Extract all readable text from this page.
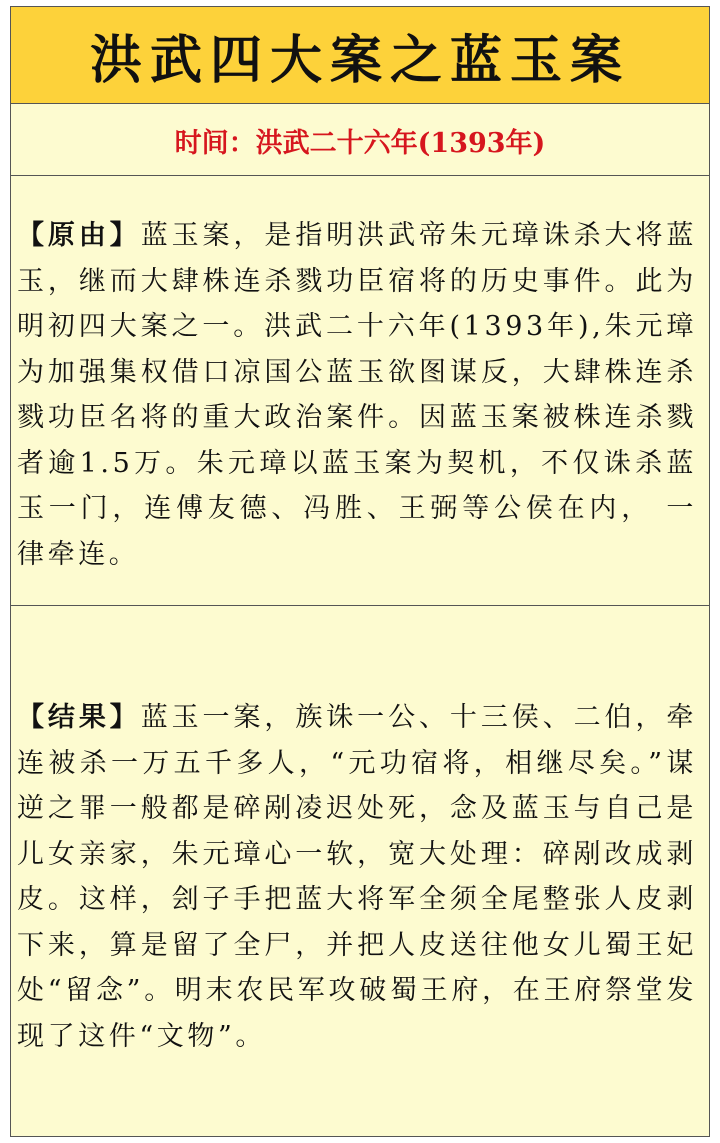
洪武四大案之蓝玉案
时间：洪武二十六年(1393年)

【原由】蓝玉案，是指明洪武帝朱元璋诛杀大将蓝玉，继而大肆株连杀戮功臣宿将的历史事件。此为明初四大案之一。洪武二十六年(1393年),朱元璋为加强集权借口凉国公蓝玉欲图谋反，大肆株连杀戮功臣名将的重大政治案件。因蓝玉案被株连杀戮者逾1.5万。朱元璋以蓝玉案为契机，不仅诛杀蓝玉一门，连傅友德、冯胜、王弼等公侯在内， 一律牵连。

【结果】蓝玉一案，族诛一公、十三侯、二伯，牵连被杀一万五千多人，“元功宿将，相继尽矣。”谋逆之罪一般都是碎剐凌迟处死，念及蓝玉与自己是儿女亲家，朱元璋心一软，宽大处理：碎剐改成剥皮。这样，刽子手把蓝大将军全须全尾整张人皮剥下来，算是留了全尸，并把人皮送往他女儿蜀王妃处“留念”。明末农民军攻破蜀王府，在王府祭堂发现了这件“文物”。
